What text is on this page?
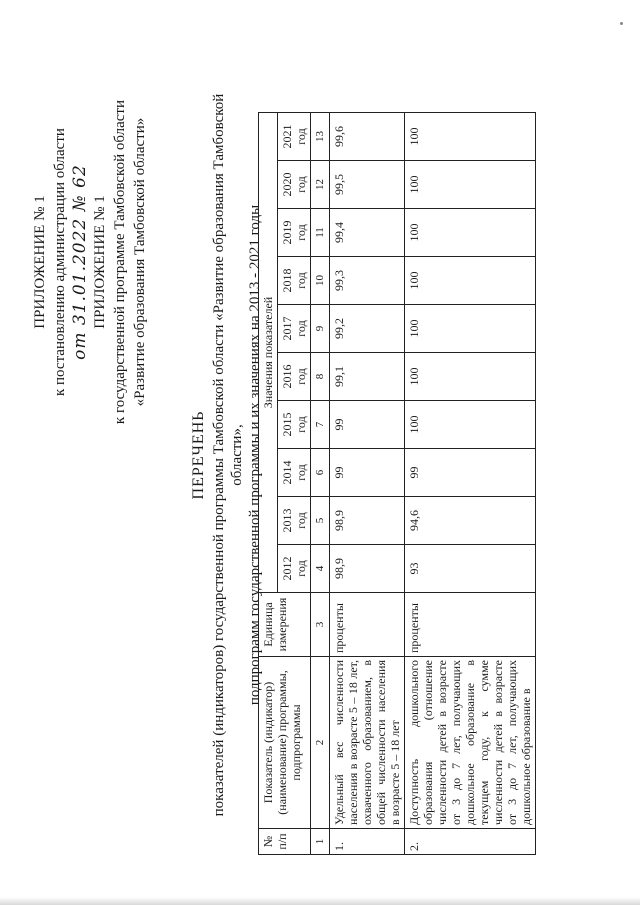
ПРИЛОЖЕНИЕ № 1 к постановлению администрации области от 31.01.2022 № 62 ПРИЛОЖЕНИЕ № 1 к государственной программе Тамбовской области «Развитие образования Тамбовской области»
ПЕРЕЧЕНЬ показателей (индикаторов) государственной программы Тамбовской области «Развитие образования Тамбовской области», подпрограмм государственной программы и их значениях на 2013 - 2021 годы
№ п/п	Показатель (индикатор) (наименование) программы, подпрограммы	Единица измерения	Значения показателей									
			2012 год	2013 год	2014 год	2015 год	2016 год	2017 год	2018 год	2019 год	2020 год	2021 год
1	2	3	4	5	6	7	8	9	10	11	12	13
1.	Удельный вес численности населения в возрасте 5 – 18 лет, охваченного образованием, в общей численности населения в возрасте 5 – 18 лет	проценты	98,9	98,9	99	99	99,1	99,2	99,3	99,4	99,5	99,6
2.	Доступность дошкольного образования (отношение численности детей в возрасте от 3 до 7 лет, получающих дошкольное образование в текущем году, к сумме численности детей в возрасте от 3 до 7 лет, получающих дошкольное образование в	проценты	93	94,6	99	100	100	100	100	100	100	100
